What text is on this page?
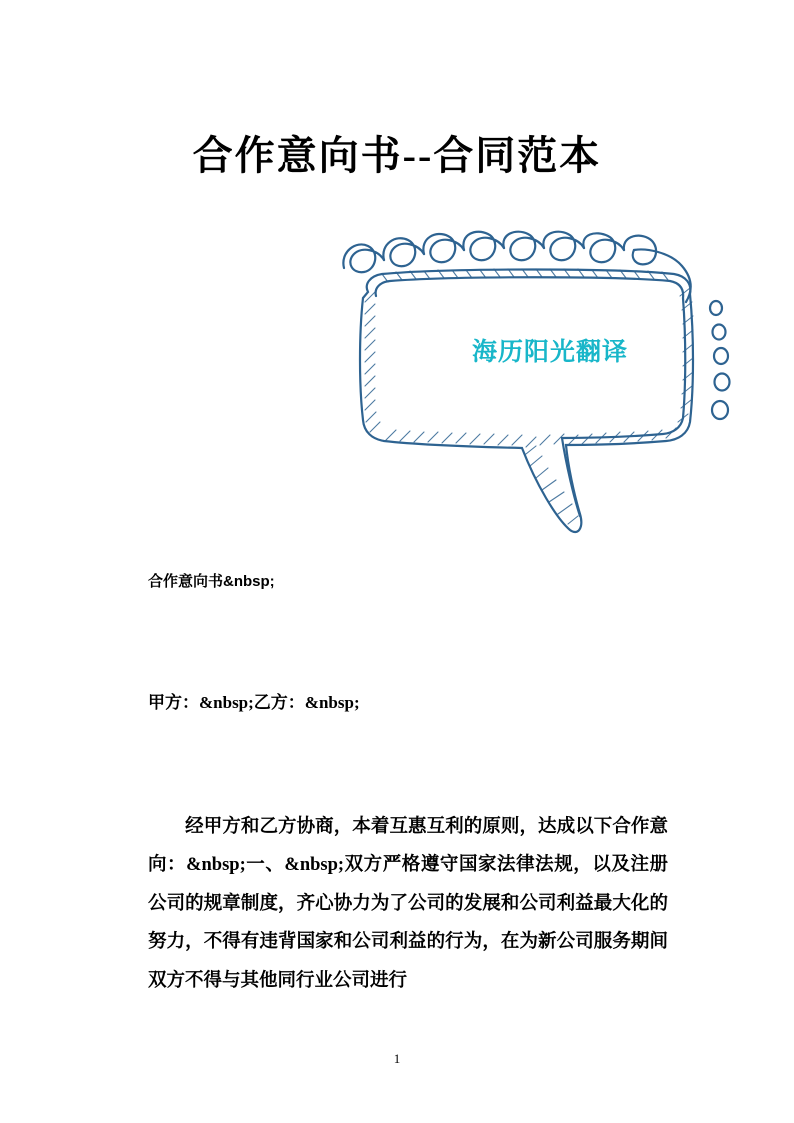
合作意向书--合同范本
海历阳光翻译
合作意向书&nbsp;
甲方：&nbsp;乙方：&nbsp;
　　经甲方和乙方协商，本着互惠互利的原则，达成以下合作意向：&nbsp;一、&nbsp;双方严格遵守国家法律法规，以及注册公司的规章制度，齐心协力为了公司的发展和公司利益最大化的努力，不得有违背国家和公司利益的行为，在为新公司服务期间双方不得与其他同行业公司进行
1
